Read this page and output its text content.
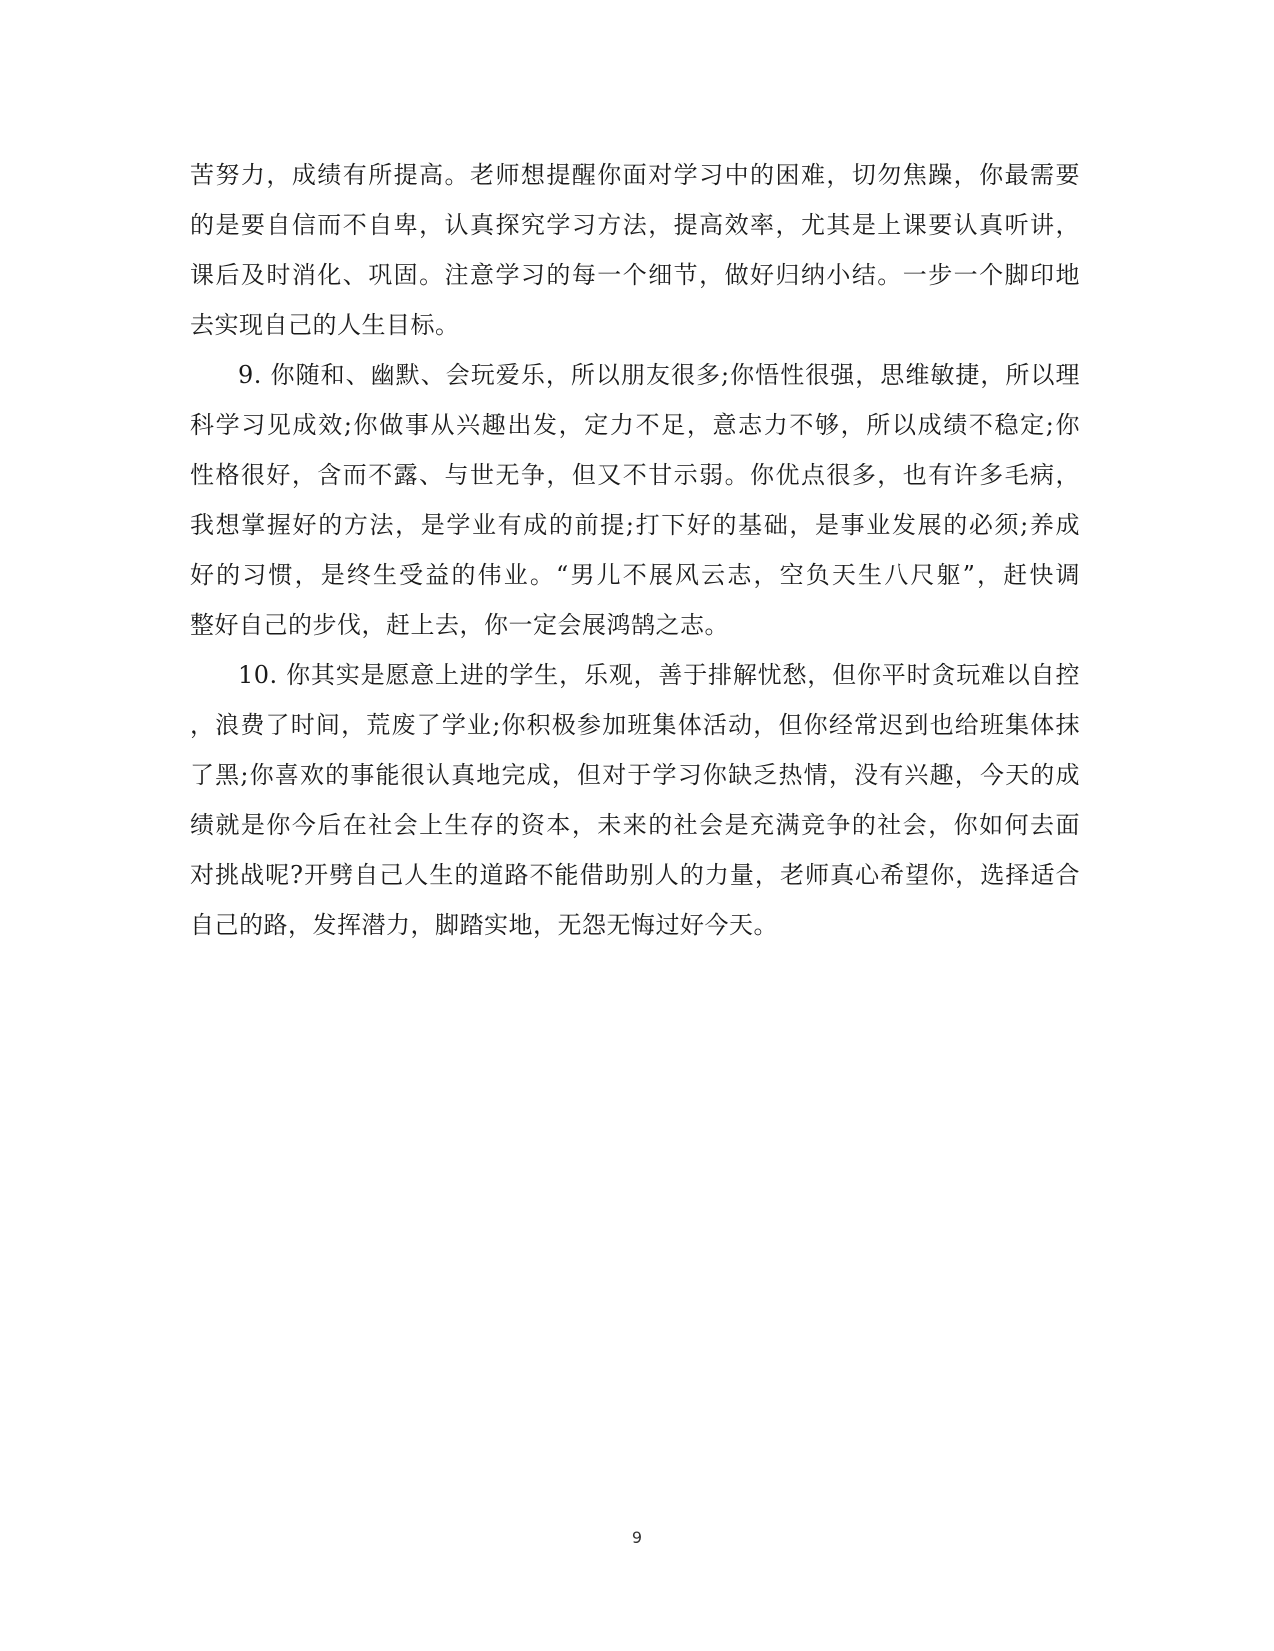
苦努力，成绩有所提高。老师想提醒你面对学习中的困难，切勿焦躁，你最需要
的是要自信而不自卑，认真探究学习方法，提高效率，尤其是上课要认真听讲，
课后及时消化、巩固。注意学习的每一个细节，做好归纳小结。一步一个脚印地
去实现自己的人生目标。
9. 你随和、幽默、会玩爱乐，所以朋友很多;你悟性很强，思维敏捷，所以理
科学习见成效;你做事从兴趣出发，定力不足，意志力不够，所以成绩不稳定;你
性格很好，含而不露、与世无争，但又不甘示弱。你优点很多，也有许多毛病，
我想掌握好的方法，是学业有成的前提;打下好的基础，是事业发展的必须;养成
好的习惯，是终生受益的伟业。“男儿不展风云志，空负天生八尺躯”，赶快调
整好自己的步伐，赶上去，你一定会展鸿鹄之志。
10. 你其实是愿意上进的学生，乐观，善于排解忧愁，但你平时贪玩难以自控
，浪费了时间，荒废了学业;你积极参加班集体活动，但你经常迟到也给班集体抹
了黑;你喜欢的事能很认真地完成，但对于学习你缺乏热情，没有兴趣，今天的成
绩就是你今后在社会上生存的资本，未来的社会是充满竞争的社会，你如何去面
对挑战呢?开劈自己人生的道路不能借助别人的力量，老师真心希望你，选择适合
自己的路，发挥潜力，脚踏实地，无怨无悔过好今天。
9
